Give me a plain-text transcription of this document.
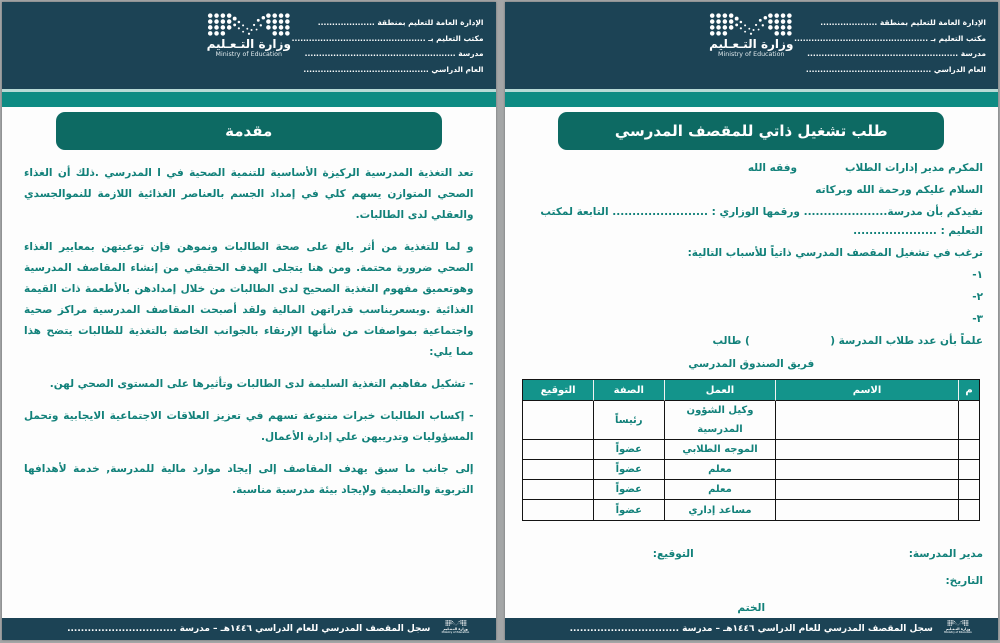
وزارة التـعـليم
Ministry of Education
الإدارة العامة للتعليم بمنطقة ....................
مكتب التعليم بـ ...............................................
مدرسة .....................................................
العام الدراسي ............................................
مقدمة

تعد التغذية المدرسية الركيزة الأساسية للتنمية الصحية في ا المدرسي .ذلك أن الغذاء الصحي المتوازن يسهم كلي في إمداد الجسم بالعناصر الغذائية اللازمة للنموالجسدي والعقلي لدى الطالبات.

و لما للتغذية من أثر بالغ على صحة الطالبات ونموهن فإن توعيتهن بمعايير الغذاء الصحي ضرورة محتمة. ومن هنا يتجلى الهدف الحقيقي من إنشاء المقاصف المدرسية وهوتعميق مفهوم التغذية الصحيح لدى الطالبات من خلال إمدادهن بالأطعمة ذات القيمة الغذائية .وبسعريناسب قدراتهن المالية ولقد أصبحت المقاصف المدرسية مراكز صحية واجتماعية بمواصفات من شأنها الإرتقاء بالجوانب الخاصة بالتغذية للطالبات يتضح هذا مما يلي:

- تشكيل مفاهيم التغذية السليمة لدى الطالبات وتأثيرها على المستوى الصحي لهن.

- إكساب الطالبات خبرات متنوعة تسهم في تعزيز العلاقات الاجتماعية الايجابية وتحمل المسؤوليات وتدريبهن علي إدارة الأعمال.

إلى جانب ما سبق يهدف المقاصف إلى إيجاد موارد مالية للمدرسة, خدمة لأهدافها التربوية والتعليمية ولإيجاد بيئة مدرسية مناسبة.

سجل المقصف المدرسي للعام الدراسي ١٤٤٦هـ – مدرسة ................................	وزارة التـعـليم
Ministry of Education
وزارة التـعـليم
Ministry of Education
الإدارة العامة للتعليم بمنطقة ....................
مكتب التعليم بـ ...............................................
مدرسة .....................................................
العام الدراسي ............................................
طلب تشغيل ذاتي للمقصف المدرسي
المكرم مدير إدارات الطلاب
وفقه الله
السلام عليكم ورحمة الله وبركاته
نفيدكم بأن مدرسة..................... ورقمها الوزاري : ........................ التابعة لمكتب التعليم : .....................
ترغب في تشغيل المقصف المدرسي ذاتياً للأسباب التالية:
١-
٢-
٣-
علماً بأن عدد طلاب المدرسة (                      ) طالب
فريق الصندوق المدرسي
م	الاسم	العمل	الصفة	التوقيع
		وكيل الشؤون المدرسية	رئيساً	
		الموجه الطلابي	عضواً	
		معلم	عضواً	
		معلم	عضواً	
		مساعد إداري	عضواً	
مدير المدرسة:
التوقيع:
التاريخ:
الختم
سجل المقصف المدرسي للعام الدراسي ١٤٤٦هـ – مدرسة ................................	وزارة التـعـليم
Ministry of Education
